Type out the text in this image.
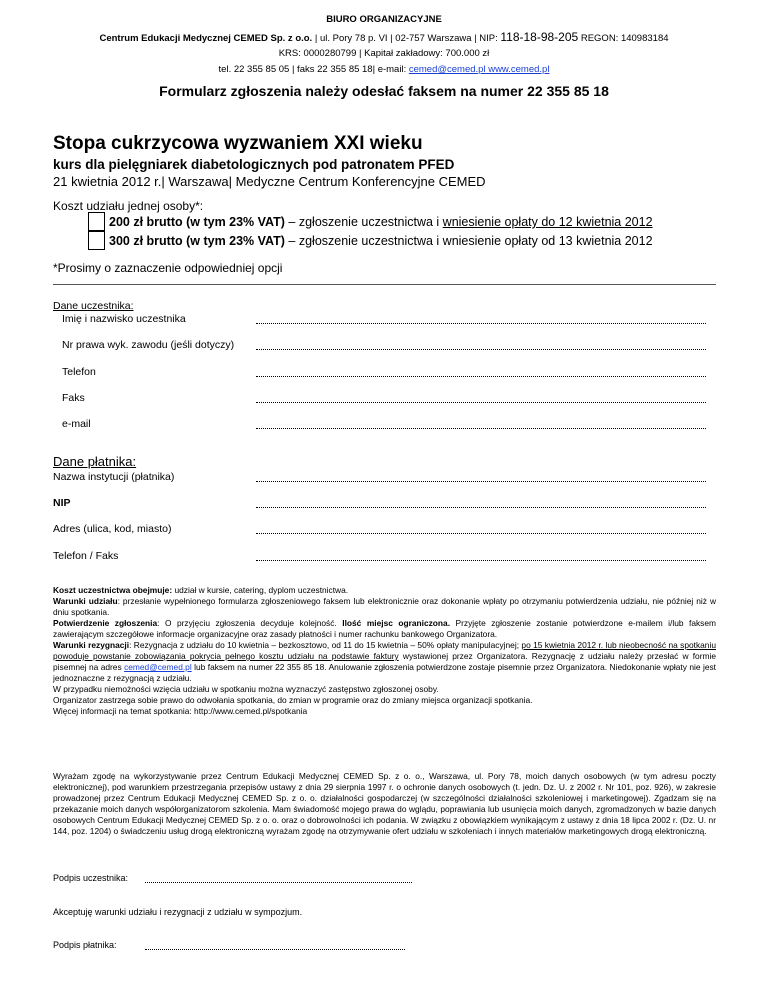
BIURO ORGANIZACYJNE
Centrum Edukacji Medycznej CEMED Sp. z o.o. | ul. Pory 78 p. VI | 02-757 Warszawa | NIP: 118-18-98-205 REGON: 140983184
KRS: 0000280799 | Kapitał zakładowy: 700.000 zł
tel. 22 355 85 05 | faks 22 355 85 18| e-mail: cemed@cemed.pl www.cemed.pl
Formularz zgłoszenia należy odesłać faksem na numer 22 355 85 18
Stopa cukrzycowa wyzwaniem XXI wieku
kurs dla pielęgniarek diabetologicznych pod patronatem PFED
21 kwietnia 2012 r.| Warszawa| Medyczne Centrum Konferencyjne CEMED
Koszt udziału jednej osoby*:
200 zł brutto (w tym 23% VAT) – zgłoszenie uczestnictwa i wniesienie opłaty do 12 kwietnia 2012
300 zł brutto (w tym 23% VAT) – zgłoszenie uczestnictwa i wniesienie opłaty od 13 kwietnia 2012
*Prosimy o zaznaczenie odpowiedniej opcji
Dane uczestnika:
Imię i nazwisko uczestnika
Nr prawa wyk. zawodu (jeśli dotyczy)
Telefon
Faks
e-mail
Dane płatnika:
Nazwa instytucji (płatnika)
NIP
Adres (ulica, kod, miasto)
Telefon / Faks

Koszt uczestnictwa obejmuje: udział w kursie, catering, dyplom uczestnictwa.

Warunki udziału: przesłanie wypełnionego formularza zgłoszeniowego faksem lub elektronicznie oraz dokonanie wpłaty po otrzymaniu potwierdzenia udziału, nie później niż w dniu spotkania.

Potwierdzenie zgłoszenia: O przyjęciu zgłoszenia decyduje kolejność. Ilość miejsc ograniczona. Przyjęte zgłoszenie zostanie potwierdzone e-mailem i/lub faksem zawierającym szczegółowe informacje organizacyjne oraz zasady płatności i numer rachunku bankowego Organizatora.

Warunki rezygnacji: Rezygnacja z udziału do 10 kwietnia – bezkosztowo, od 11 do 15 kwietnia – 50% opłaty manipulacyjnej; po 15 kwietnia 2012 r. lub nieobecność na spotkaniu powoduje powstanie zobowiązania pokrycia pełnego kosztu udziału na podstawie faktury wystawionej przez Organizatora. Rezygnację z udziału należy przesłać w formie pisemnej na adres cemed@cemed.pl lub faksem na numer 22 355 85 18. Anulowanie zgłoszenia potwierdzone zostaje pisemnie przez Organizatora. Niedokonanie wpłaty nie jest jednoznaczne z rezygnacją z udziału.

W przypadku niemożności wzięcia udziału w spotkaniu można wyznaczyć zastępstwo zgłoszonej osoby.

Organizator zastrzega sobie prawo do odwołania spotkania, do zmian w programie oraz do zmiany miejsca organizacji spotkania.

Więcej informacji na temat spotkania: http://www.cemed.pl/spotkania

Wyrażam zgodę na wykorzystywanie przez Centrum Edukacji Medycznej CEMED Sp. z o. o., Warszawa, ul. Pory 78, moich danych osobowych (w tym adresu poczty elektronicznej), pod warunkiem przestrzegania przepisów ustawy z dnia 29 sierpnia 1997 r. o ochronie danych osobowych (t. jedn. Dz. U. z 2002 r. Nr 101, poz. 926), w zakresie prowadzonej przez Centrum Edukacji Medycznej CEMED Sp. z o. o. działalności gospodarczej (w szczególności działalności szkoleniowej i marketingowej). Zgadzam się na przekazanie moich danych współorganizatorom szkolenia. Mam świadomość mojego prawa do wglądu, poprawiania lub usunięcia moich danych, zgromadzonych w bazie danych osobowych Centrum Edukacji Medycznej CEMED Sp. z o. o. oraz o dobrowolności ich podania. W związku z obowiązkiem wynikającym z ustawy z dnia 18 lipca 2002 r. (Dz. U. nr 144, poz. 1204) o świadczeniu usług drogą elektroniczną wyrażam zgodę na otrzymywanie ofert udziału w szkoleniach i innych materiałów marketingowych drogą elektroniczną.

Podpis uczestnika:
Akceptuję warunki udziału i rezygnacji z udziału w sympozjum.
Podpis płatnika:
